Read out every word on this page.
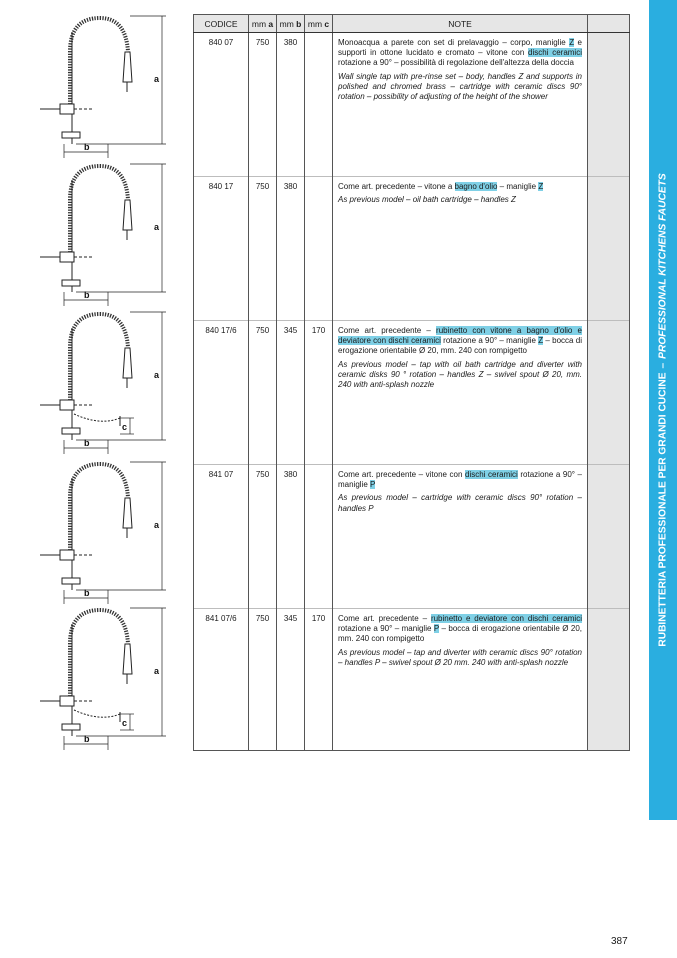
a
b
a
b
a
b
c
a
b
a
b
c
CODICE	mm a	mm b	mm c	NOTE	
840 07	750	380		Monoacqua a parete con set di prelavaggio – corpo, maniglie Z e supporti in ottone lucidato e cromato – vitone con dischi ceramici rotazione a 90° – possibilità di regolazione dell'altezza della doccia

Wall single tap with pre-rinse set – body, handles Z and supports in polished and chromed brass – cartridge with ceramic discs 90° rotation – possibility of adjusting of the height of the shower	

840 17	750	380		Come art. precedente – vitone a bagno d'olio – maniglie Z

As previous model – oil bath cartridge – handles Z	

840 17/6	750	345	170	Come art. precedente – rubinetto con vitone a bagno d'olio e deviatore con dischi ceramici rotazione a 90° – maniglie Z – bocca di erogazione orientabile Ø 20, mm. 240 con rompigetto

As previous model – tap with oil bath cartridge and diverter with ceramic disks 90 ° rotation – handles Z – swivel spout Ø 20, mm. 240 with anti-splash nozzle	

841 07	750	380		Come art. precedente – vitone con dischi ceramici rotazione a 90° – maniglie P

As previous model – cartridge with ceramic discs 90° rotation – handles P	

841 07/6	750	345	170	Come art. precedente – rubinetto e deviatore con dischi ceramici rotazione a 90° – maniglie P – bocca di erogazione orientabile Ø 20, mm. 240 con rompigetto

As previous model – tap and diverter with ceramic discs 90° rotation – handles P – swivel spout Ø 20 mm. 240 with anti-splash nozzle	

RUBINETTERIA PROFESSIONALE PER GRANDI CUCINE–PROFESSIONAL KITCHENS FAUCETS
387
